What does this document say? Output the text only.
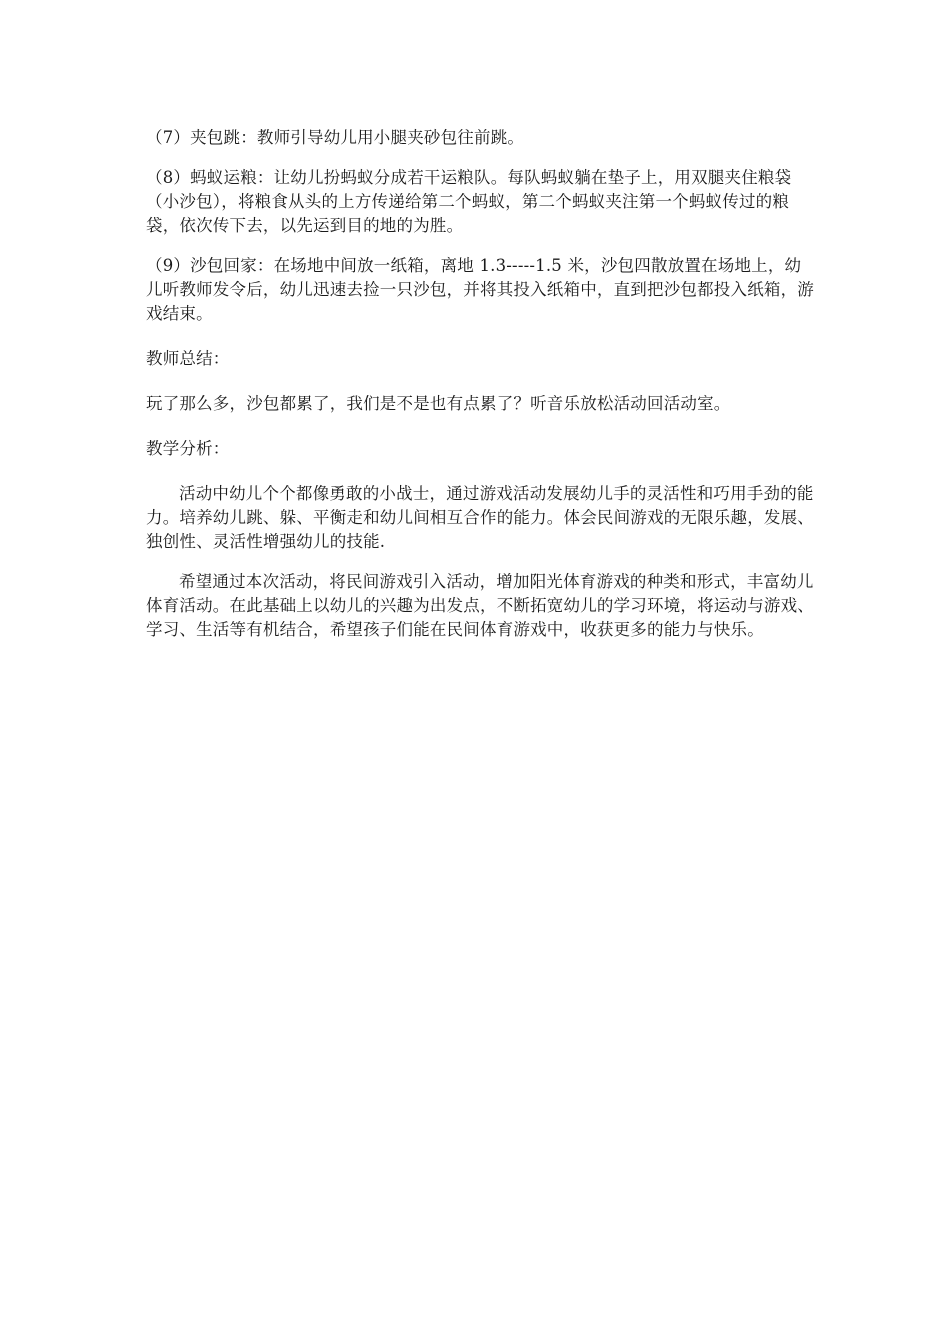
（7）夹包跳：教师引导幼儿用小腿夹砂包往前跳。

（8）蚂蚁运粮：让幼儿扮蚂蚁分成若干运粮队。每队蚂蚁躺在垫子上，用双腿夹住粮袋（小沙包），将粮食从头的上方传递给第二个蚂蚁，第二个蚂蚁夹注第一个蚂蚁传过的粮袋，依次传下去，以先运到目的地的为胜。

（9）沙包回家：在场地中间放一纸箱，离地 1.3-----1.5 米，沙包四散放置在场地上，幼儿听教师发令后，幼儿迅速去捡一只沙包，并将其投入纸箱中，直到把沙包都投入纸箱，游戏结束。

教师总结：

玩了那么多，沙包都累了，我们是不是也有点累了？听音乐放松活动回活动室。

教学分析：

活动中幼儿个个都像勇敢的小战士，通过游戏活动发展幼儿手的灵活性和巧用手劲的能力。培养幼儿跳、躲、平衡走和幼儿间相互合作的能力。体会民间游戏的无限乐趣，发展、独创性、灵活性增强幼儿的技能.

希望通过本次活动，将民间游戏引入活动，增加阳光体育游戏的种类和形式，丰富幼儿体育活动。在此基础上以幼儿的兴趣为出发点，不断拓宽幼儿的学习环境，将运动与游戏、学习、生活等有机结合，希望孩子们能在民间体育游戏中，收获更多的能力与快乐。
